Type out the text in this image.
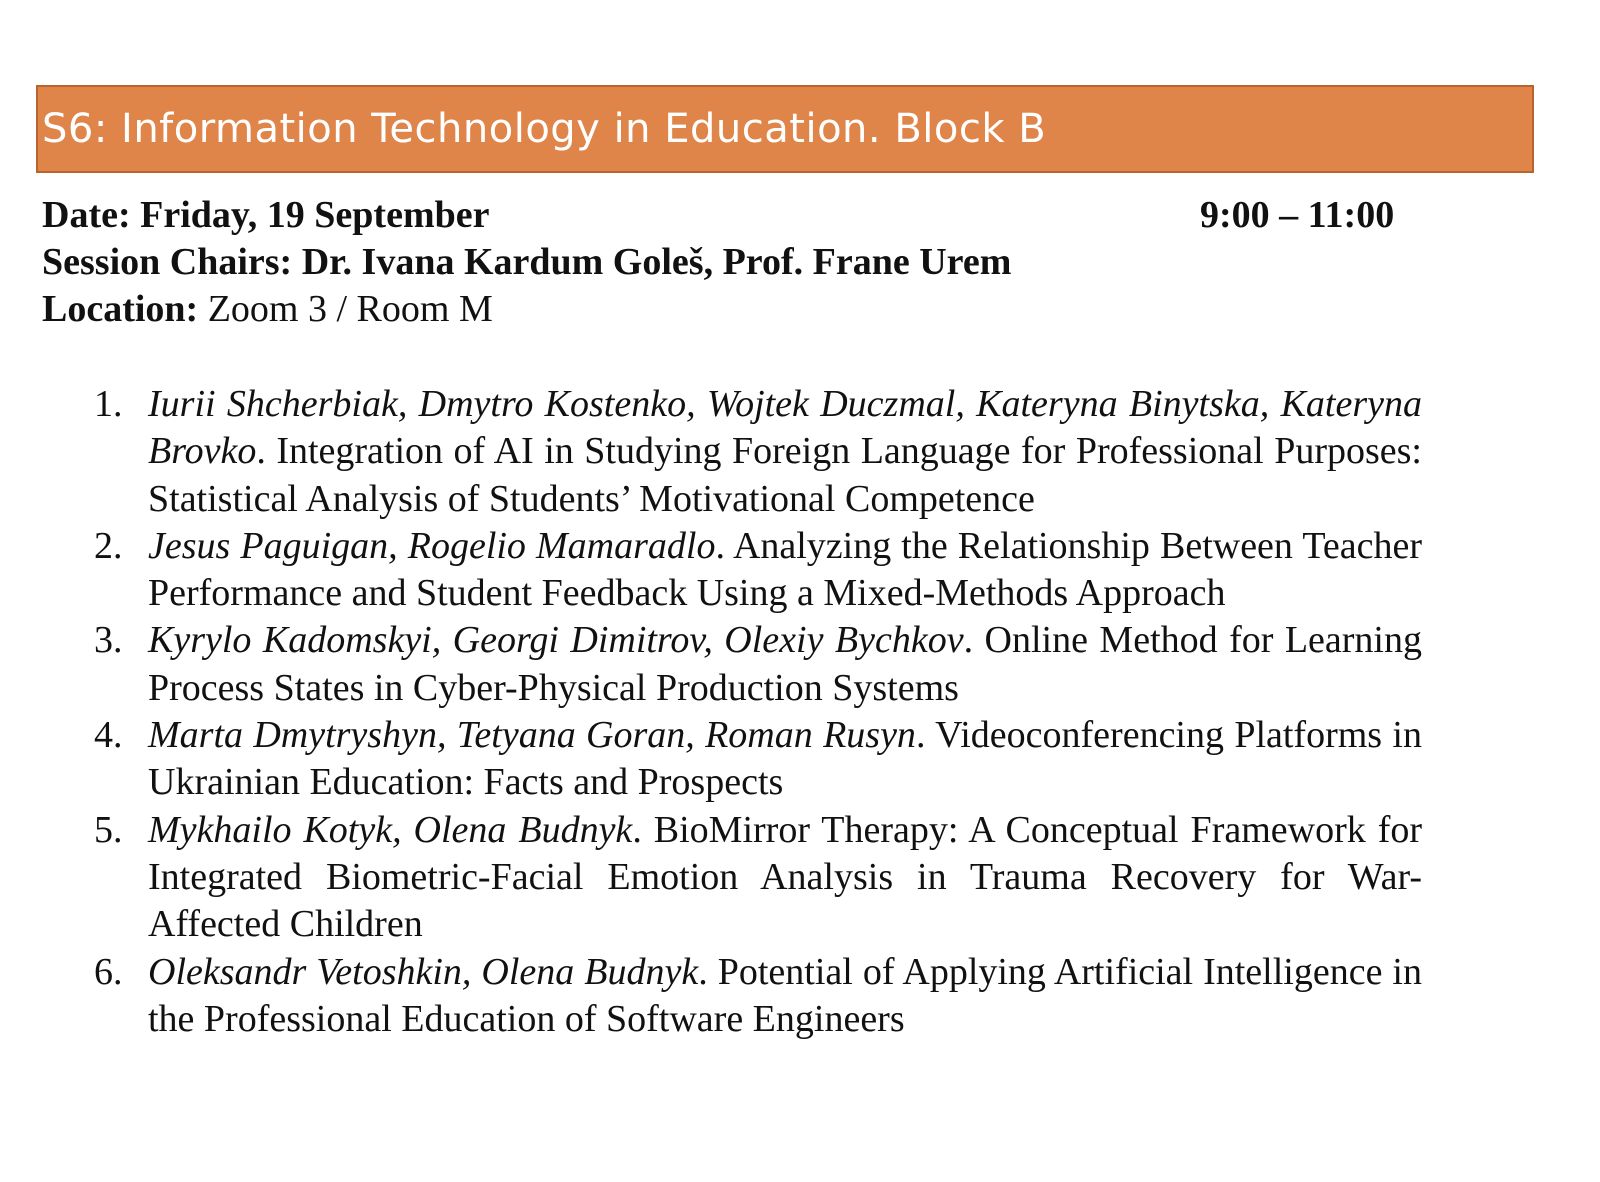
S6: Information Technology in Education. Block B
Date: Friday, 19 September	9:00 – 11:00
Session Chairs: Dr. Ivana Kardum Goleš, Prof. Frane Urem
Location: Zoom 3 / Room M
1. Iurii Shcherbiak, Dmytro Kostenko, Wojtek Duczmal, Kateryna Binytska, Kateryna Brovko. Integration of AI in Studying Foreign Language for Professional Purposes: Statistical Analysis of Students’ Motivational Competence
2. Jesus Paguigan, Rogelio Mamaradlo. Analyzing the Relationship Between Teacher Performance and Student Feedback Using a Mixed-Methods Approach
3. Kyrylo Kadomskyi, Georgi Dimitrov, Olexiy Bychkov. Online Method for Learning Process States in Cyber-Physical Production Systems
4. Marta Dmytryshyn, Tetyana Goran, Roman Rusyn. Videoconferencing Platforms in Ukrainian Education: Facts and Prospects
5. Mykhailo Kotyk, Olena Budnyk. BioMirror Therapy: A Conceptual Framework for Integrated Biometric-Facial Emotion Analysis in Trauma Recovery for War-Affected Children
6. Oleksandr Vetoshkin, Olena Budnyk. Potential of Applying Artificial Intelligence in the Professional Education of Software Engineers
